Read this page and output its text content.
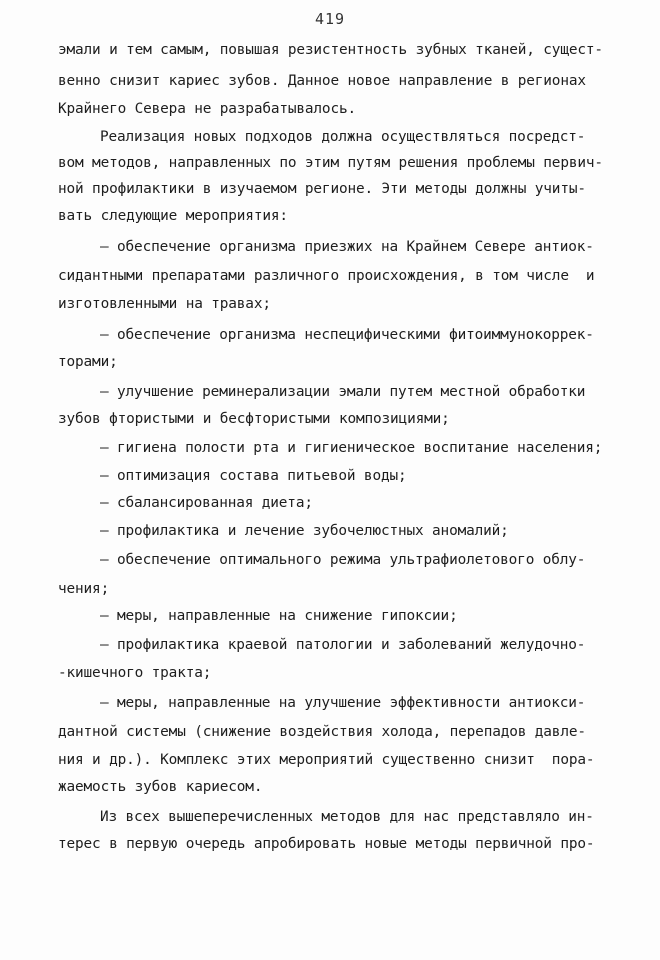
419
эмали и тем самым, повышая резистентность зубных тканей, сущест-
венно снизит кариес зубов. Данное новое направление в регионах
Крайнего Севера не разрабатывалось.
Реализация новых подходов должна осуществляться посредст-
вом методов, направленных по этим путям решения проблемы первич-
ной профилактики в изучаемом регионе. Эти методы должны учиты-
вать следующие мероприятия:
– обеспечение организма приезжих на Крайнем Севере антиок-
сидантными препаратами различного происхождения, в том числе  и
изготовленными на травах;
– обеспечение организма неспецифическими фитоиммунокоррек-
торами;
– улучшение реминерализации эмали путем местной обработки
зубов фтористыми и бесфтористыми композициями;
– гигиена полости рта и гигиеническое воспитание населения;
– оптимизация состава питьевой воды;
– сбалансированная диета;
– профилактика и лечение зубочелюстных аномалий;
– обеспечение оптимального режима ультрафиолетового облу-
чения;
– меры, направленные на снижение гипоксии;
– профилактика краевой патологии и заболеваний желудочно-
-кишечного тракта;
– меры, направленные на улучшение эффективности антиокси-
дантной системы (снижение воздействия холода, перепадов давле-
ния и др.). Комплекс этих мероприятий существенно снизит  пора-
жаемость зубов кариесом.
Из всех вышеперечисленных методов для нас представляло ин-
терес в первую очередь апробировать новые методы первичной про-
